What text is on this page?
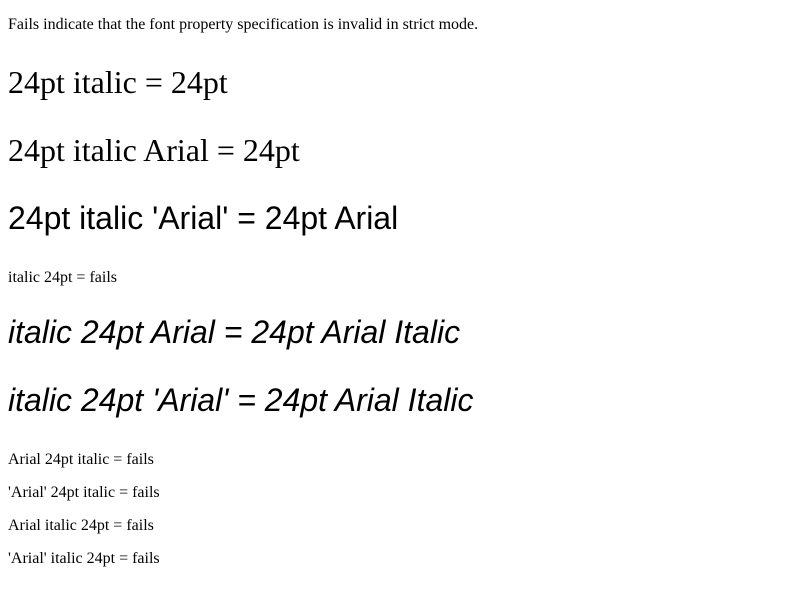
Fails indicate that the font property specification is invalid in strict mode.

24pt italic = 24pt

24pt italic Arial = 24pt

24pt italic 'Arial' = 24pt Arial

italic 24pt = fails

italic 24pt Arial = 24pt Arial Italic

italic 24pt 'Arial' = 24pt Arial Italic

Arial 24pt italic = fails

'Arial' 24pt italic = fails

Arial italic 24pt = fails

'Arial' italic 24pt = fails
